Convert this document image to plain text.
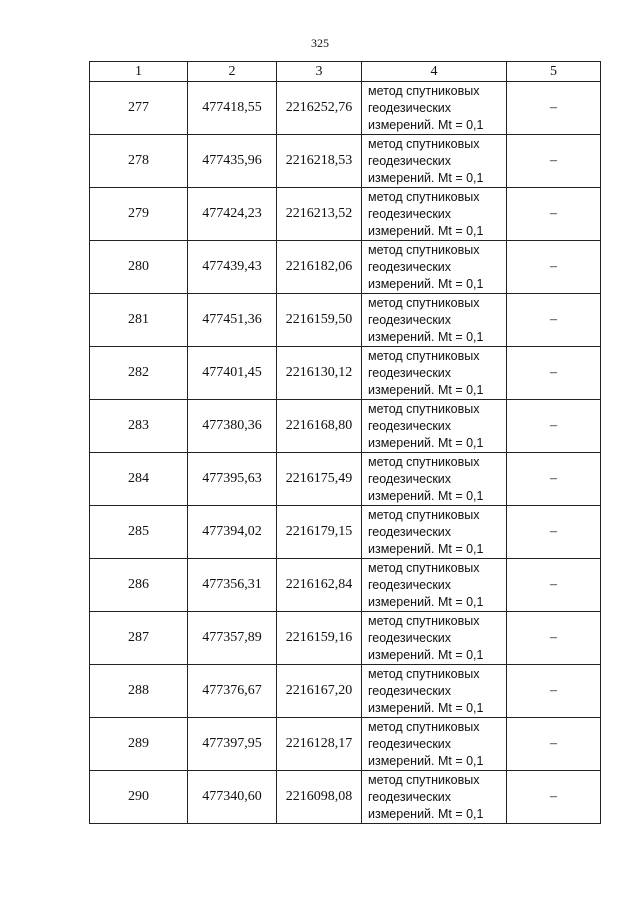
325
1	2	3	4	5
277	477418,55	2216252,76	метод спутниковых
геодезических
измерений. Mt = 0,1	–
278	477435,96	2216218,53	метод спутниковых
геодезических
измерений. Mt = 0,1	–
279	477424,23	2216213,52	метод спутниковых
геодезических
измерений. Mt = 0,1	–
280	477439,43	2216182,06	метод спутниковых
геодезических
измерений. Mt = 0,1	–
281	477451,36	2216159,50	метод спутниковых
геодезических
измерений. Mt = 0,1	–
282	477401,45	2216130,12	метод спутниковых
геодезических
измерений. Mt = 0,1	–
283	477380,36	2216168,80	метод спутниковых
геодезических
измерений. Mt = 0,1	–
284	477395,63	2216175,49	метод спутниковых
геодезических
измерений. Mt = 0,1	–
285	477394,02	2216179,15	метод спутниковых
геодезических
измерений. Mt = 0,1	–
286	477356,31	2216162,84	метод спутниковых
геодезических
измерений. Mt = 0,1	–
287	477357,89	2216159,16	метод спутниковых
геодезических
измерений. Mt = 0,1	–
288	477376,67	2216167,20	метод спутниковых
геодезических
измерений. Mt = 0,1	–
289	477397,95	2216128,17	метод спутниковых
геодезических
измерений. Mt = 0,1	–
290	477340,60	2216098,08	метод спутниковых
геодезических
измерений. Mt = 0,1	–
